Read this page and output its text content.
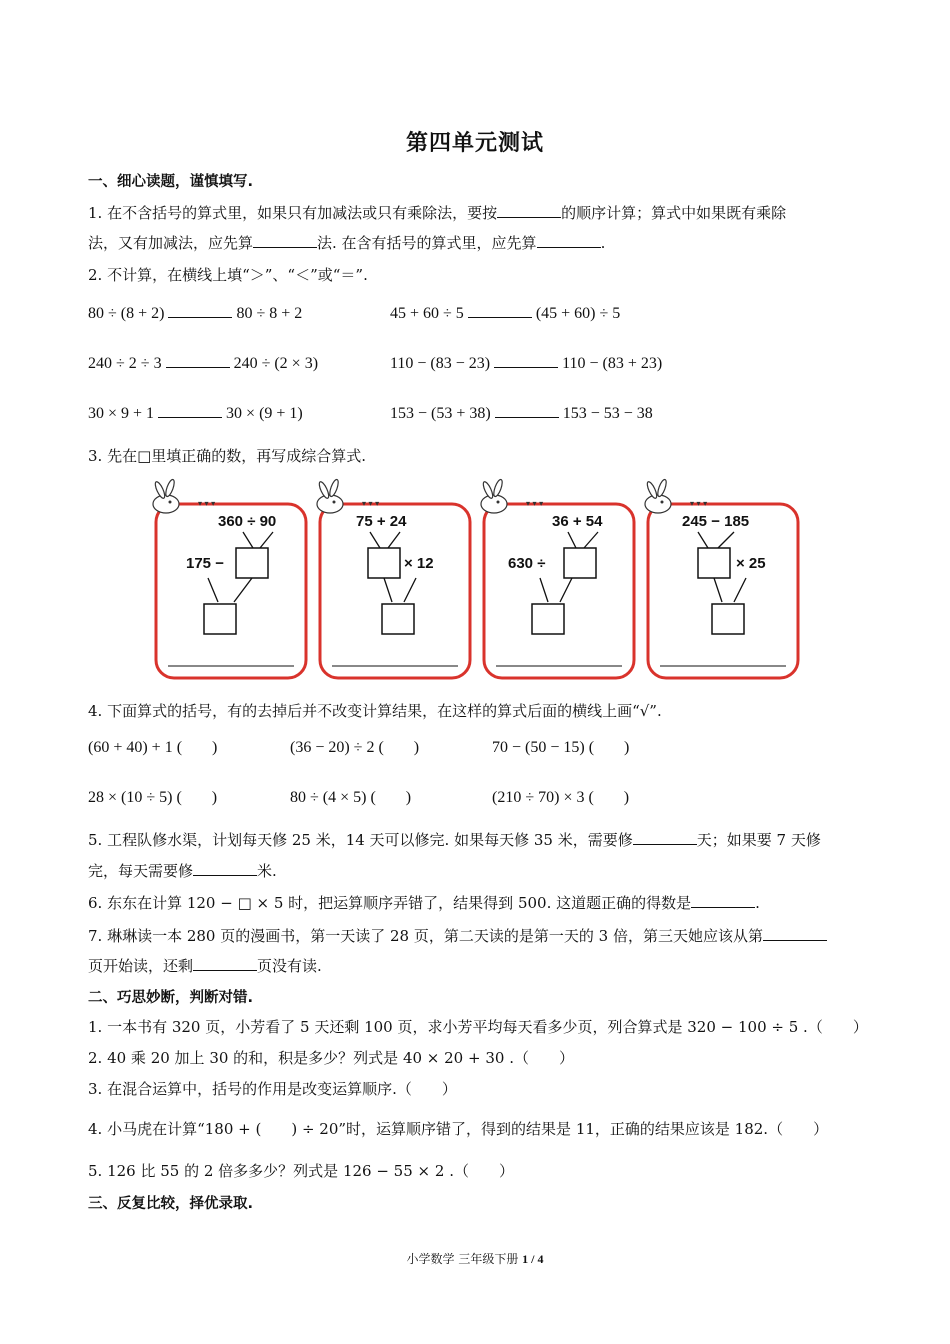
第四单元测试
一、细心读题，谨慎填写.
1. 在不含括号的算式里，如果只有加减法或只有乘除法，要按	的顺序计算；算式中如果既有乘除
法，又有加减法，应先算	法. 在含有括号的算式里，应先算	.
2. 不计算，在横线上填“＞”、“＜”或“＝”.
80 ÷ (8 + 2)	80 ÷ 8 + 2	45 + 60 ÷ 5	(45 + 60) ÷ 5
240 ÷ 2 ÷ 3	240 ÷ (2 × 3)	110 − (83 − 23)	110 − (83 + 23)
30 × 9 + 1	30 × (9 + 1)	153 − (53 + 38)	153 − 53 − 38
3. 先在□里填正确的数，再写成综合算式.
▾ ▾ ▾
360 ÷ 90
175 −
▾ ▾ ▾
75 + 24
× 12
▾ ▾ ▾
36 + 54
630 ÷
▾ ▾ ▾
245 − 185
× 25
4. 下面算式的括号，有的去掉后并不改变计算结果，在这样的算式后面的横线上画“√”.
(60 + 40) + 1 ( )	(36 − 20) ÷ 2 ( )	70 − (50 − 15) ( )
28 × (10 ÷ 5) ( )	80 ÷ (4 × 5) ( )	(210 ÷ 70) × 3 ( )
5. 工程队修水渠，计划每天修 25 米，14 天可以修完. 如果每天修 35 米，需要修	天；如果要 7 天修
完，每天需要修	米.
6. 东东在计算 120 − □ × 5 时，把运算顺序弄错了，结果得到 500. 这道题正确的得数是	.
7. 琳琳读一本 280 页的漫画书，第一天读了 28 页，第二天读的是第一天的 3 倍，第三天她应该从第
页开始读，还剩	页没有读.
二、巧思妙断，判断对错.
1. 一本书有 320 页，小芳看了 5 天还剩 100 页，求小芳平均每天看多少页，列合算式是 320 − 100 ÷ 5 .（　　）
2. 40 乘 20 加上 30 的和，积是多少？列式是 40 × 20 + 30 .（　　）
3. 在混合运算中，括号的作用是改变运算顺序.（　　）
4. 小马虎在计算“180 + (　　) ÷ 20”时，运算顺序错了，得到的结果是 11，正确的结果应该是 182.（　　）
5. 126 比 55 的 2 倍多多少？列式是 126 − 55 × 2 .（　　）
三、反复比较，择优录取.
小学数学 三年级下册 1 / 4
